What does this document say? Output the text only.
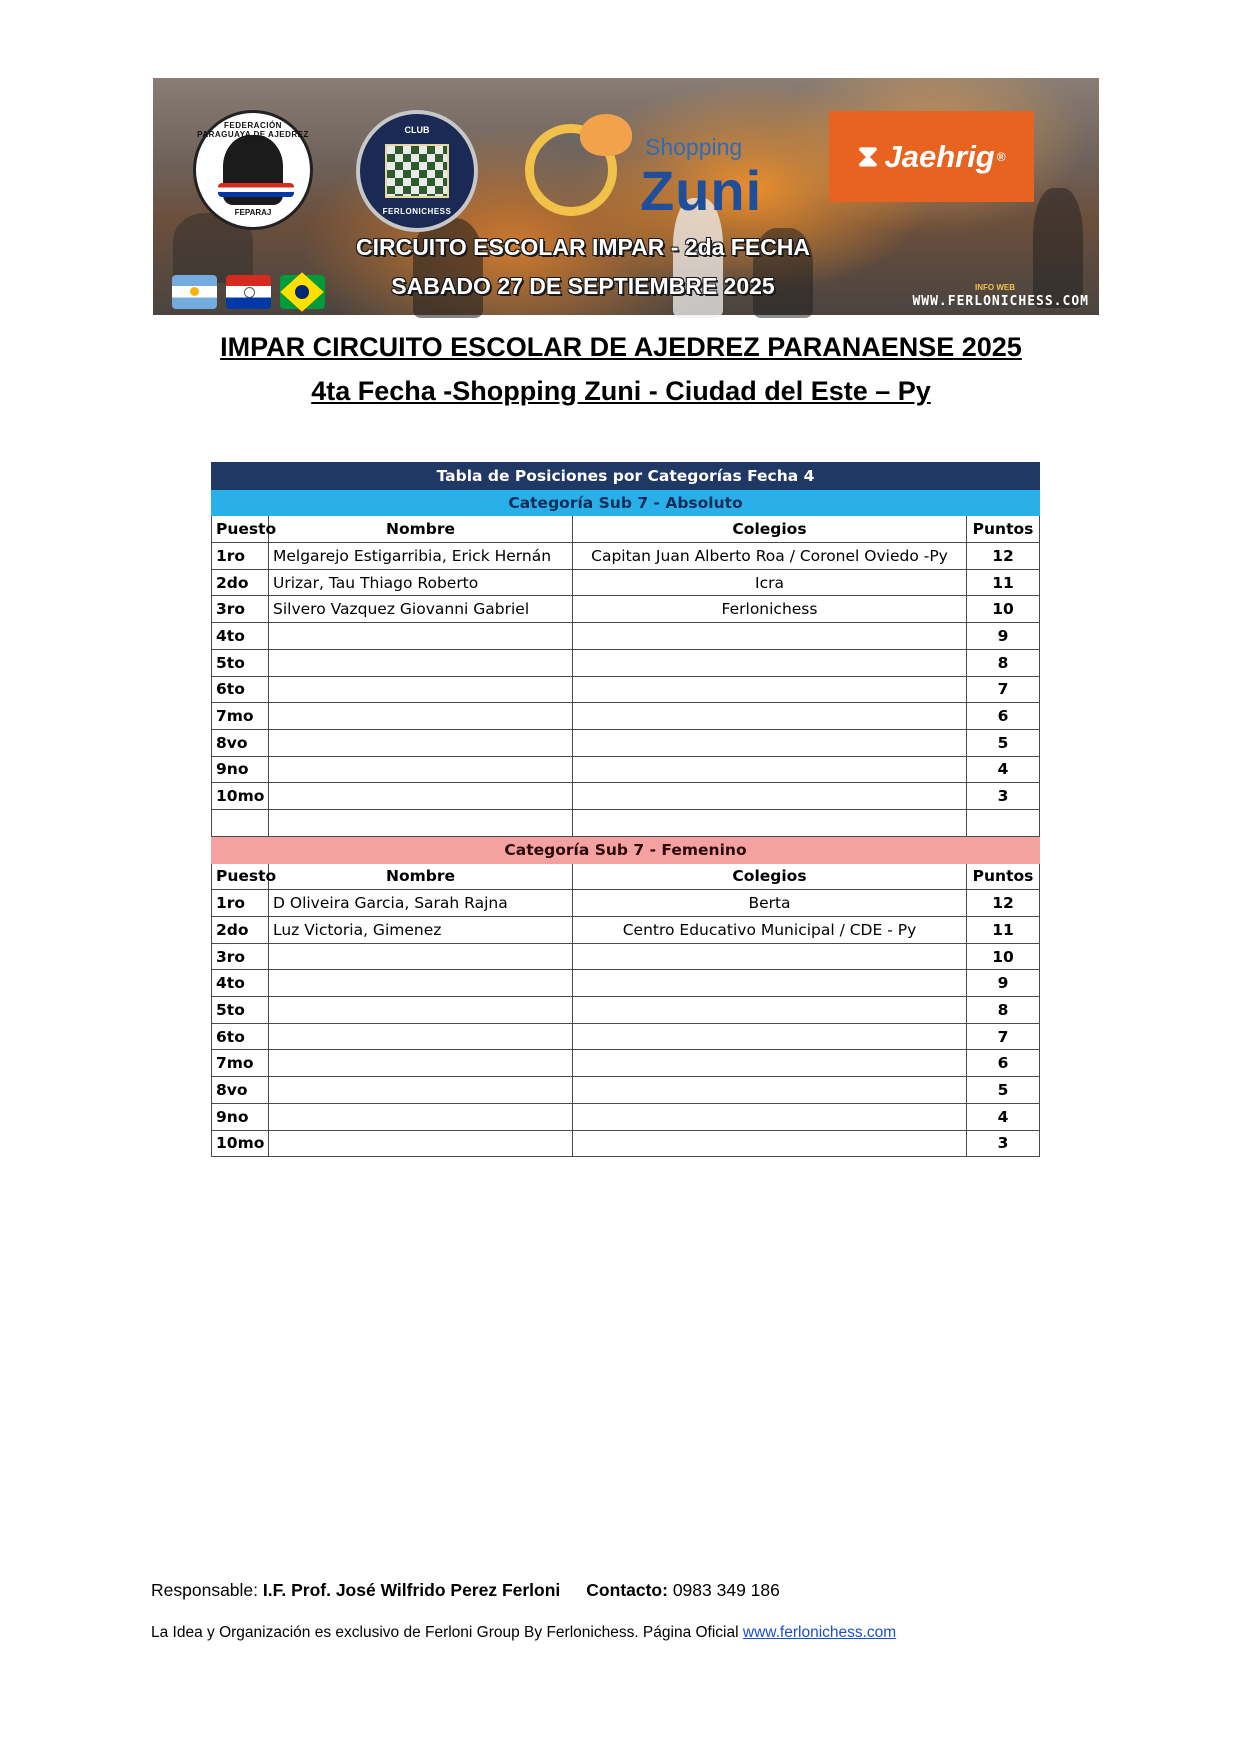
FEDERACIÓN PARAGUAYA DE AJEDREZ
FEPARAJ
CLUB
FERLONICHESS
Shopping
Zuni
⧗ Jaehrig ®
CIRCUITO ESCOLAR IMPAR - 2da FECHA
SABADO 27 DE SEPTIEMBRE 2025	INFO WEB
WWW.FERLONICHESS.COM
IMPAR CIRCUITO ESCOLAR DE AJEDREZ PARANAENSE 2025
4ta Fecha -Shopping Zuni - Ciudad del Este – Py
Tabla de Posiciones por Categorías Fecha 4			
Categoría Sub 7 - Absoluto			
Puesto	Nombre	Colegios	Puntos
1ro	Melgarejo Estigarribia, Erick Hernán	Capitan Juan Alberto Roa / Coronel Oviedo -Py	12
2do	Urizar, Tau Thiago Roberto	Icra	11
3ro	Silvero Vazquez Giovanni Gabriel	Ferlonichess	10
4to			9
5to			8
6to			7
7mo			6
8vo			5
9no			4
10mo			3

Categoría Sub 7 - Femenino			
Puesto	Nombre	Colegios	Puntos
1ro	D Oliveira Garcia, Sarah Rajna	Berta	12
2do	Luz Victoria, Gimenez	Centro Educativo Municipal / CDE - Py	11
3ro			10
4to			9
5to			8
6to			7
7mo			6
8vo			5
9no			4
10mo			3
Responsable: I.F. Prof. José Wilfrido Perez Ferloni Contacto: 0983 349 186
La Idea y Organización es exclusivo de Ferloni Group By Ferlonichess. Página Oficial www.ferlonichess.com
